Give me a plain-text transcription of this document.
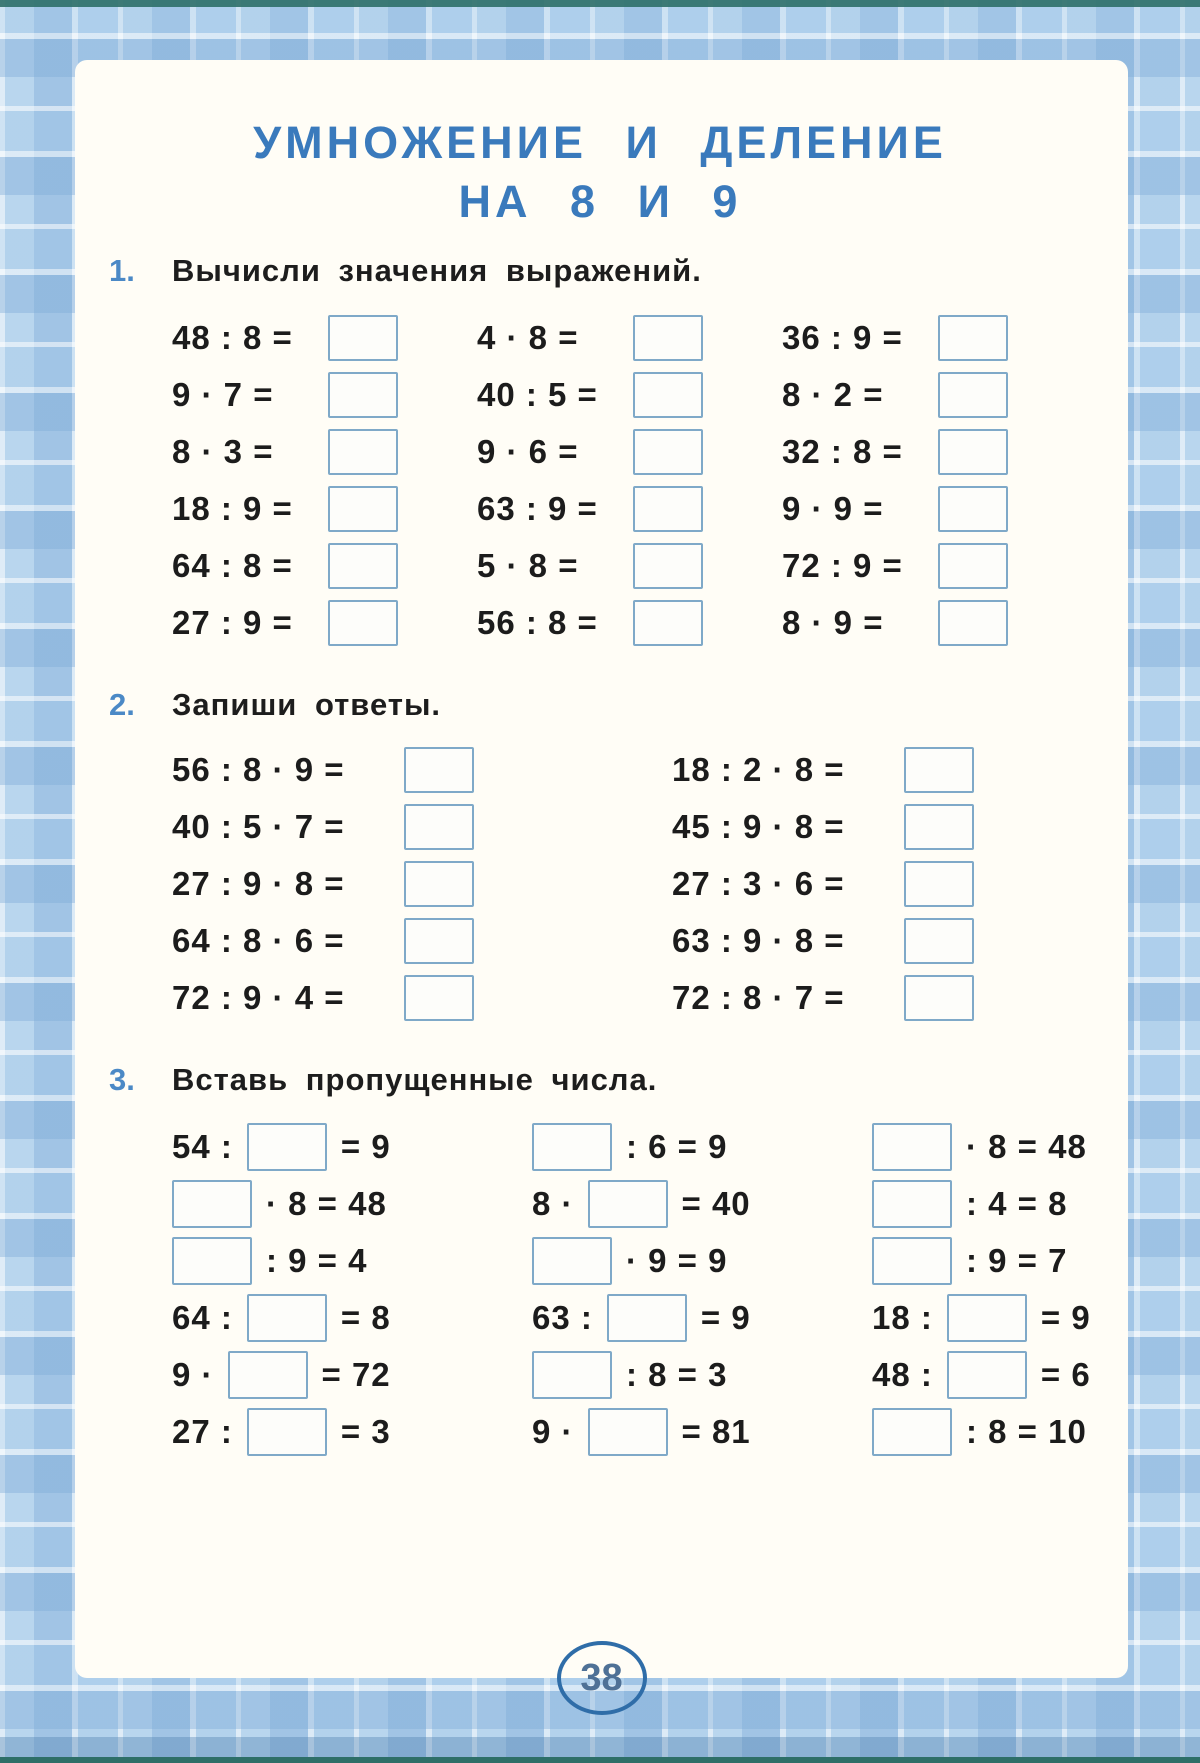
УМНОЖЕНИЕ И ДЕЛЕНИЕ
НА 8 И 9
1.	Вычисли значения выражений.
48 : 8 =	4 · 8 =	36 : 9 =
9 · 7 =	40 : 5 =	8 · 2 =
8 · 3 =	9 · 6 =	32 : 8 =
18 : 9 =	63 : 9 =	9 · 9 =
64 : 8 =	5 · 8 =	72 : 9 =
27 : 9 =	56 : 8 =	8 · 9 =
2.	Запиши ответы.
56 : 8 · 9 =	18 : 2 · 8 =
40 : 5 · 7 =	45 : 9 · 8 =
27 : 9 · 8 =	27 : 3 · 6 =
64 : 8 · 6 =	63 : 9 · 8 =
72 : 9 · 4 =	72 : 8 · 7 =
3.	Вставь пропущенные числа.
54 :	= 9	: 6 = 9	· 8 = 48
· 8 = 48	8 ·	= 40	: 4 = 8
: 9 = 4	· 9 = 9	: 9 = 7
64 :	= 8	63 :	= 9	18 :	= 9
9 ·	= 72	: 8 = 3	48 :	= 6
27 :	= 3	9 ·	= 81	: 8 = 10
38
